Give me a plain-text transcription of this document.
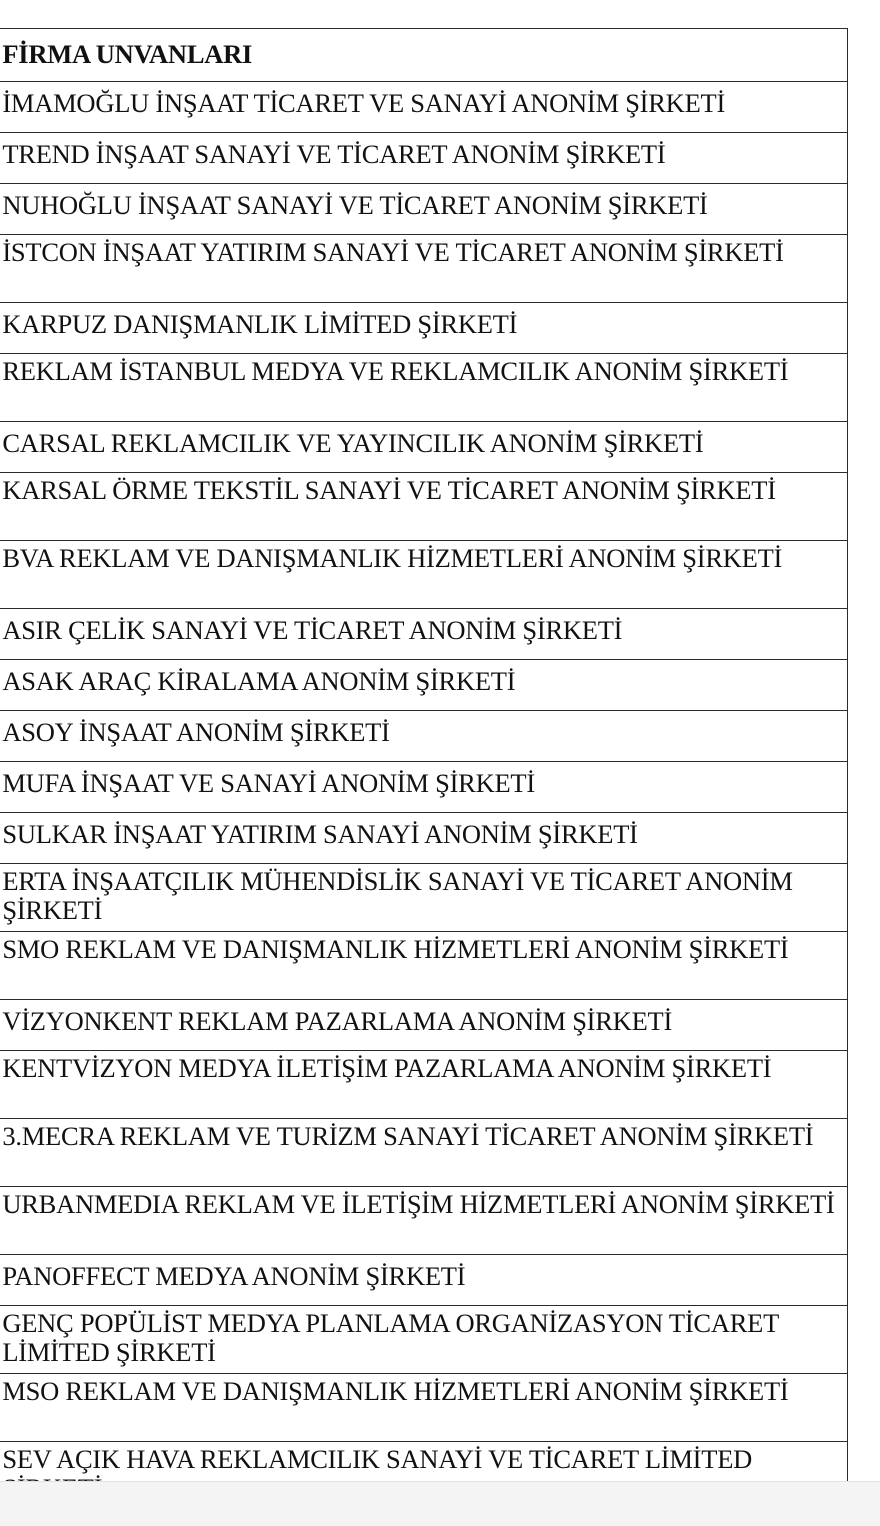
	FİRMA UNVANLARI
	İMAMOĞLU İNŞAAT TİCARET VE SANAYİ ANONİM ŞİRKETİ
	TREND İNŞAAT SANAYİ VE TİCARET ANONİM ŞİRKETİ
	NUHOĞLU İNŞAAT SANAYİ VE TİCARET ANONİM ŞİRKETİ
	İSTCON İNŞAAT YATIRIM SANAYİ VE TİCARET ANONİM ŞİRKETİ
	KARPUZ DANIŞMANLIK LİMİTED ŞİRKETİ
	REKLAM İSTANBUL MEDYA VE REKLAMCILIK ANONİM ŞİRKETİ
	CARSAL REKLAMCILIK VE YAYINCILIK ANONİM ŞİRKETİ
	KARSAL ÖRME TEKSTİL SANAYİ VE TİCARET ANONİM ŞİRKETİ
	BVA REKLAM VE DANIŞMANLIK HİZMETLERİ ANONİM ŞİRKETİ
	ASIR ÇELİK SANAYİ VE TİCARET ANONİM ŞİRKETİ
	ASAK ARAÇ KİRALAMA ANONİM ŞİRKETİ
	ASOY İNŞAAT ANONİM ŞİRKETİ
	MUFA İNŞAAT VE SANAYİ ANONİM ŞİRKETİ
	SULKAR İNŞAAT YATIRIM SANAYİ ANONİM ŞİRKETİ
	ERTA İNŞAATÇILIK MÜHENDİSLİK SANAYİ VE TİCARET ANONİM ŞİRKETİ
	SMO REKLAM VE DANIŞMANLIK HİZMETLERİ ANONİM ŞİRKETİ
	VİZYONKENT REKLAM PAZARLAMA ANONİM ŞİRKETİ
	KENTVİZYON MEDYA İLETİŞİM PAZARLAMA ANONİM ŞİRKETİ
	3.MECRA REKLAM VE TURİZM SANAYİ TİCARET ANONİM ŞİRKETİ
	URBANMEDIA REKLAM VE İLETİŞİM HİZMETLERİ ANONİM ŞİRKETİ
	PANOFFECT MEDYA ANONİM ŞİRKETİ
	GENÇ POPÜLİST MEDYA PLANLAMA ORGANİZASYON TİCARET LİMİTED ŞİRKETİ
	MSO REKLAM VE DANIŞMANLIK HİZMETLERİ ANONİM ŞİRKETİ
	SEV AÇIK HAVA REKLAMCILIK SANAYİ VE TİCARET LİMİTED
